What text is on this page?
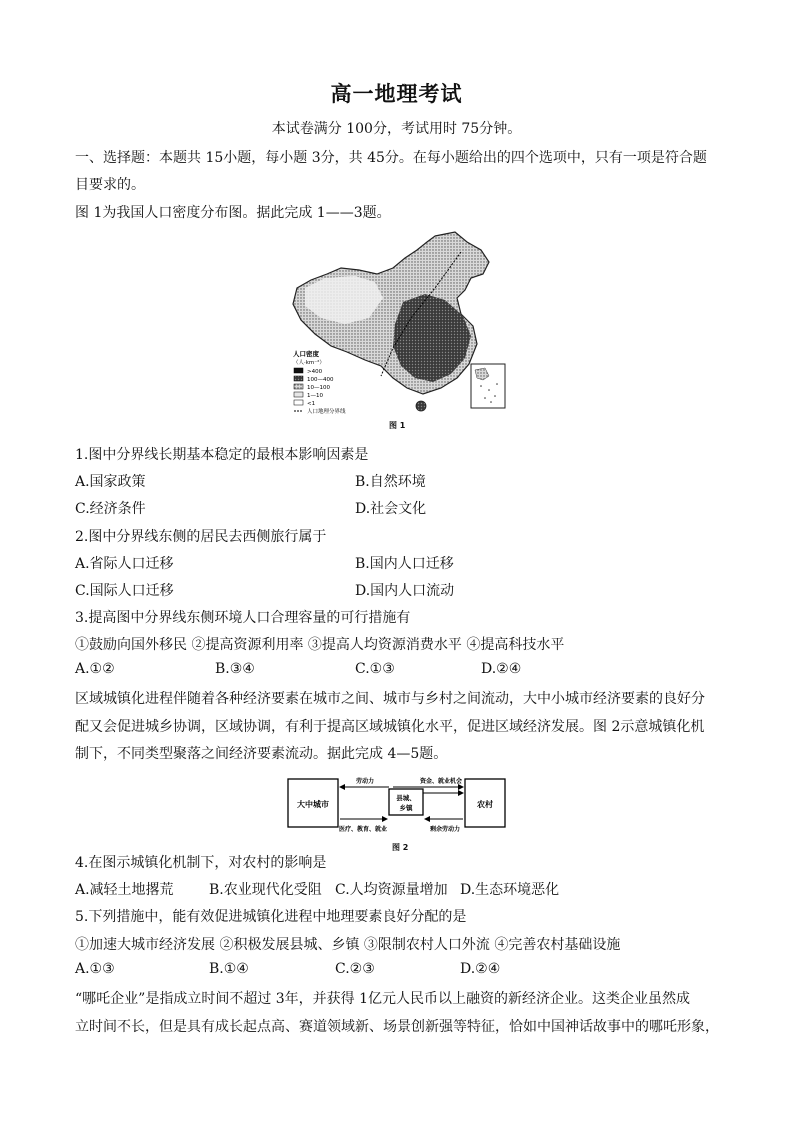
高一地理考试
本试卷满分 100分，考试用时 75分钟。
一、选择题：本题共 15小题，每小题 3分，共 45分。在每小题给出的四个选项中，只有一项是符合题
目要求的。
图 1为我国人口密度分布图。据此完成 1——3题。
人口密度
（人·km⁻²）
>400
100—400
10—100
1—10
<1
人口地理分界线
图 1
1.图中分界线长期基本稳定的最根本影响因素是
A.国家政策	B.自然环境
C.经济条件	D.社会文化
2.图中分界线东侧的居民去西侧旅行属于
A.省际人口迁移	B.国内人口迁移
C.国际人口迁移	D.国内人口流动
3.提高图中分界线东侧环境人口合理容量的可行措施有
①鼓励向国外移民 ②提高资源利用率 ③提高人均资源消费水平 ④提高科技水平
A.①②	B.③④	C.①③	D.②④
区域城镇化进程伴随着各种经济要素在城市之间、城市与乡村之间流动，大中小城市经济要素的良好分
配又会促进城乡协调，区域协调，有利于提高区域城镇化水平，促进区域经济发展。图 2示意城镇化机
制下，不同类型聚落之间经济要素流动。据此完成 4—5题。
大中城市
县城、
乡镇	农村
劳动力	资金、就业机会
医疗、教育、就业	剩余劳动力
图 2
4.在图示城镇化机制下，对农村的影响是
A.减轻土地撂荒	B.农业现代化受阻 C.人均资源量增加 D.生态环境恶化
5.下列措施中，能有效促进城镇化进程中地理要素良好分配的是
①加速大城市经济发展 ②积极发展县城、乡镇 ③限制农村人口外流 ④完善农村基础设施
A.①③	B.①④	C.②③	D.②④
“哪吒企业”是指成立时间不超过 3年，并获得 1亿元人民币以上融资的新经济企业。这类企业虽然成
立时间不长，但是具有成长起点高、赛道领域新、场景创新强等特征，恰如中国神话故事中的哪吒形象，
